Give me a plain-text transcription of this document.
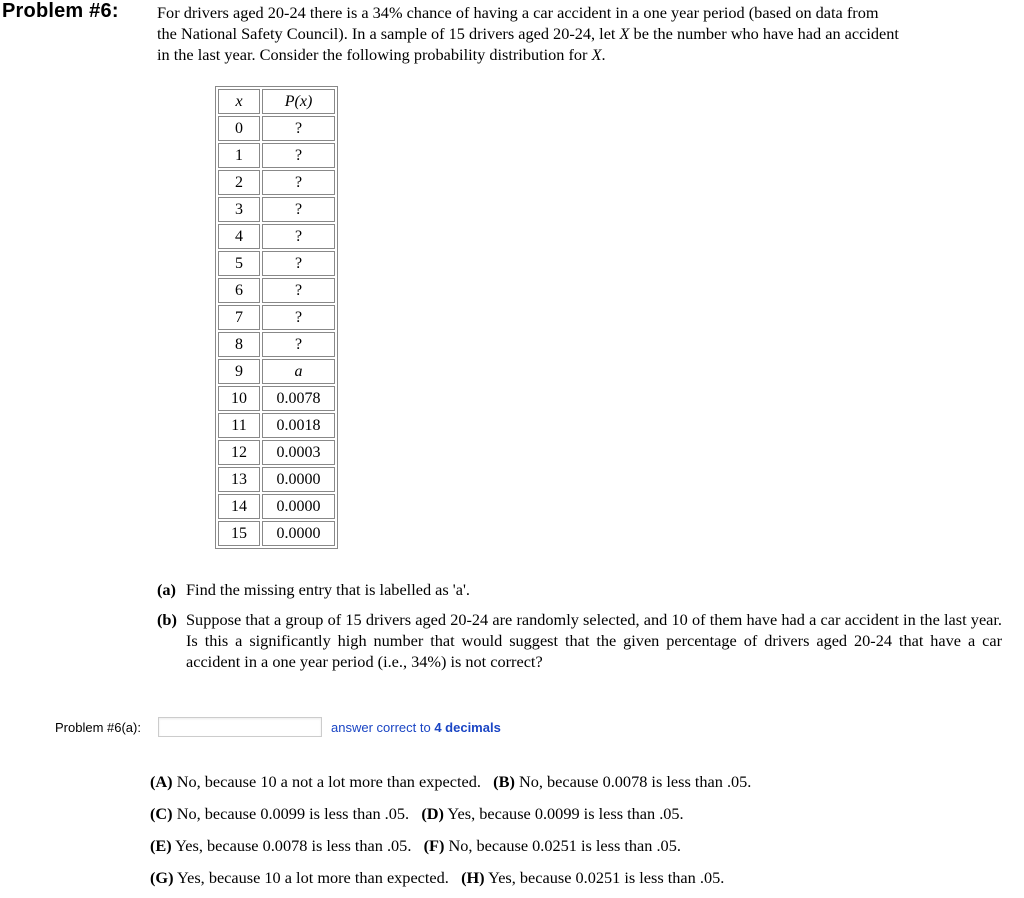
Problem #6: For drivers aged 20-24 there is a 34% chance of having a car accident in a one year period (based on data from
the National Safety Council). In a sample of 15 drivers aged 20-24, let X be the number who have had an accident
in the last year. Consider the following probability distribution for X.
x	P(x)
0	?
1	?
2	?
3	?
4	?
5	?
6	?
7	?
8	?
9	a
10	0.0078
11	0.0018
12	0.0003
13	0.0000
14	0.0000
15	0.0000
(a) Find the missing entry that is labelled as 'a'.
(b) Suppose that a group of 15 drivers aged 20-24 are randomly selected, and 10 of them have had a car accident in the last year. Is this a significantly high number that would suggest that the given percentage of drivers aged 20-24 that have a car accident in a one year period (i.e., 34%) is not correct?
Problem #6(a):	answer correct to 4 decimals
(A) No, because 10 a not a lot more than expected. (B) No, because 0.0078 is less than .05.
(C) No, because 0.0099 is less than .05. (D) Yes, because 0.0099 is less than .05.
(E) Yes, because 0.0078 is less than .05. (F) No, because 0.0251 is less than .05.
(G) Yes, because 10 a lot more than expected. (H) Yes, because 0.0251 is less than .05.
